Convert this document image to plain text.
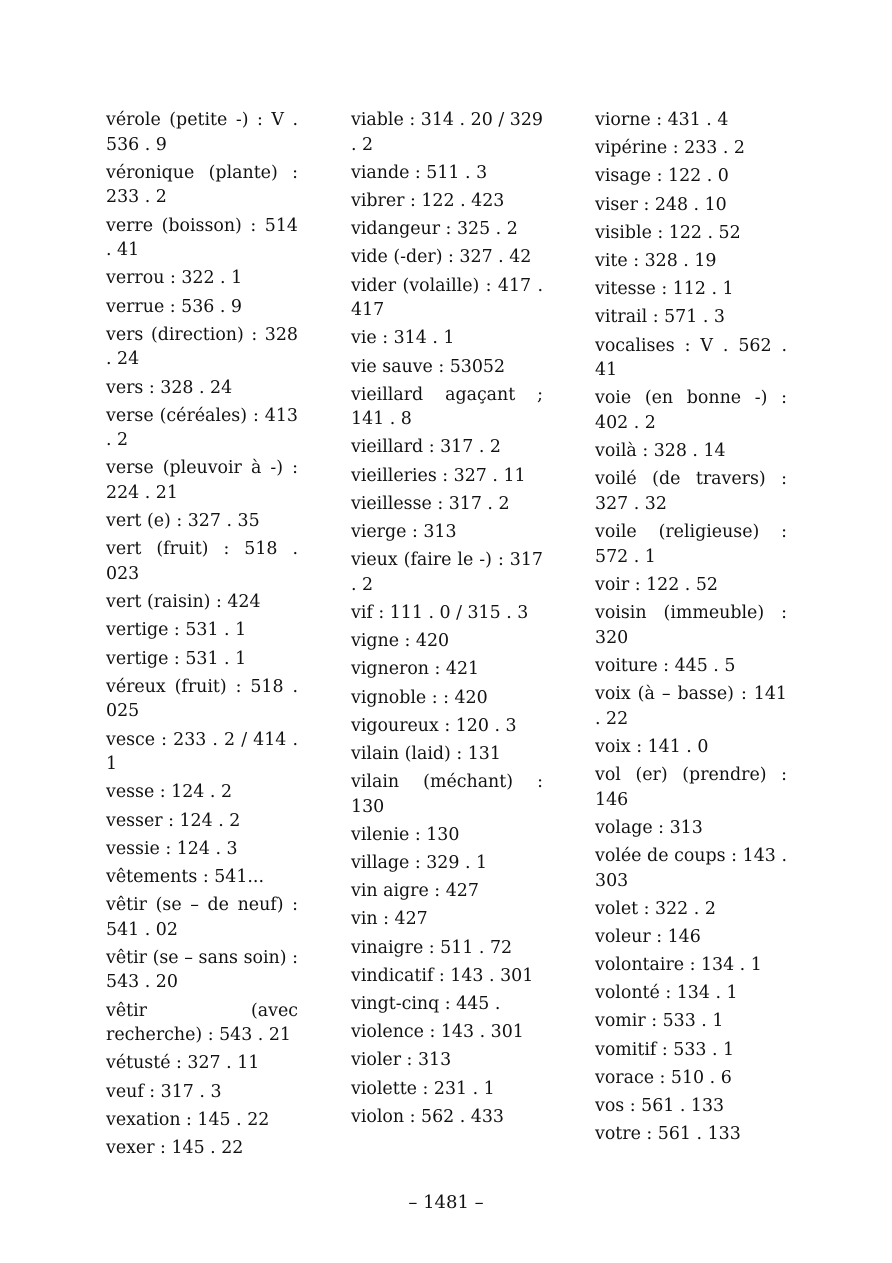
vérole (petite -) : V . 536 . 9
véronique (plante) : 233 . 2
verre (boisson) : 514 . 41
verrou : 322 . 1
verrue : 536 . 9
vers (direction) : 328 . 24
vers : 328 . 24
verse (céréales) : 413 . 2
verse (pleuvoir à -) : 224 . 21
vert (e) : 327 . 35
vert (fruit) : 518 . 023
vert (raisin) : 424
vertige : 531 . 1
vertige : 531 . 1
véreux (fruit) : 518 . 025
vesce : 233 . 2 / 414 . 1
vesse : 124 . 2
vesser : 124 . 2
vessie : 124 . 3
vêtements : 541...
vêtir (se – de neuf) : 541 . 02
vêtir (se – sans soin) : 543 . 20
vêtir (avec recherche) : 543 . 21
vétusté : 327 . 11
veuf : 317 . 3
vexation : 145 . 22
vexer : 145 . 22
viable : 314 . 20 / 329 . 2
viande : 511 . 3
vibrer : 122 . 423
vidangeur : 325 . 2
vide (-der) : 327 . 42
vider (volaille) : 417 . 417
vie : 314 . 1
vie sauve : 53052
vieillard agaçant ; 141 . 8
vieillard : 317 . 2
vieilleries : 327 . 11
vieillesse : 317 . 2
vierge : 313
vieux (faire le -) : 317 . 2
vif : 111 . 0 / 315 . 3
vigne : 420
vigneron : 421
vignoble : : 420
vigoureux : 120 . 3
vilain (laid) : 131
vilain (méchant) : 130
vilenie : 130
village : 329 . 1
vin aigre : 427
vin : 427
vinaigre : 511 . 72
vindicatif : 143 . 301
vingt-cinq : 445 .
violence : 143 . 301
violer : 313
violette : 231 . 1
violon : 562 . 433
viorne : 431 . 4
vipérine : 233 . 2
visage : 122 . 0
viser : 248 . 10
visible : 122 . 52
vite : 328 . 19
vitesse : 112 . 1
vitrail : 571 . 3
vocalises : V . 562 . 41
voie (en bonne -) : 402 . 2
voilà : 328 . 14
voilé (de travers) : 327 . 32
voile (religieuse) : 572 . 1
voir : 122 . 52
voisin (immeuble) : 320
voiture : 445 . 5
voix (à – basse) : 141 . 22
voix : 141 . 0
vol (er) (prendre) : 146
volage : 313
volée de coups : 143 . 303
volet : 322 . 2
voleur : 146
volontaire : 134 . 1
volonté : 134 . 1
vomir : 533 . 1
vomitif : 533 . 1
vorace : 510 . 6
vos : 561 . 133
votre : 561 . 133
– 1481 –
